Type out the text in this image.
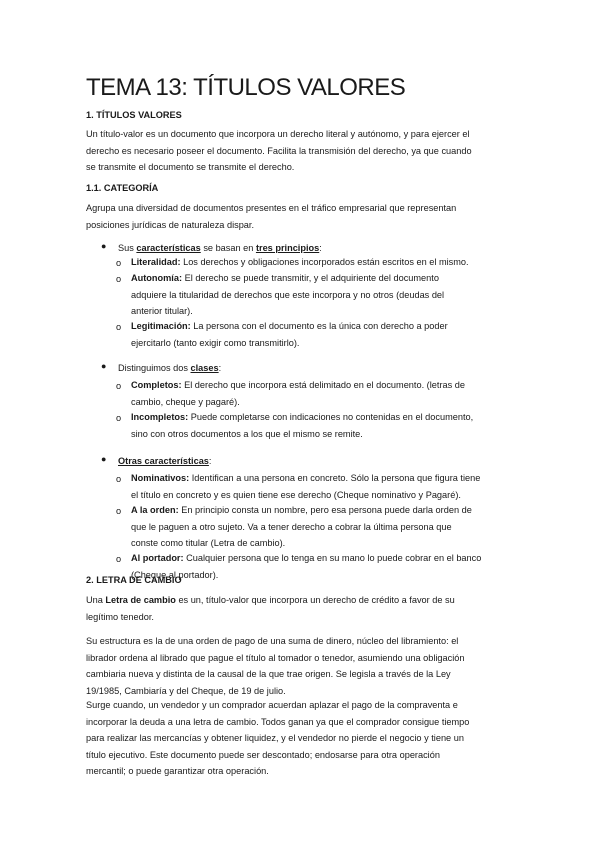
TEMA 13: TÍTULOS VALORES
1. TÍTULOS VALORES
Un título-valor es un documento que incorpora un derecho literal y autónomo, y para ejercer el
derecho es necesario poseer el documento. Facilita la transmisión del derecho, ya que cuando
se transmite el documento se transmite el derecho.
1.1. CATEGORÍA
Agrupa una diversidad de documentos presentes en el tráfico empresarial que representan
posiciones jurídicas de naturaleza dispar.
● Sus características se basan en tres principios:
o Literalidad: Los derechos y obligaciones incorporados están escritos en el mismo.
o Autonomía: El derecho se puede transmitir, y el adquiriente del documento
adquiere la titularidad de derechos que este incorpora y no otros (deudas del
anterior titular).
o Legitimación: La persona con el documento es la única con derecho a poder
ejercitarlo (tanto exigir como transmitirlo).
● Distinguimos dos clases:
o Completos: El derecho que incorpora está delimitado en el documento. (letras de
cambio, cheque y pagaré).
o Incompletos: Puede completarse con indicaciones no contenidas en el documento,
sino con otros documentos a los que el mismo se remite.
● Otras características:
o Nominativos: Identifican a una persona en concreto. Sólo la persona que figura tiene
el título en concreto y es quien tiene ese derecho (Cheque nominativo y Pagaré).
o A la orden: En principio consta un nombre, pero esa persona puede darla orden de
que le paguen a otro sujeto. Va a tener derecho a cobrar la última persona que
conste como titular (Letra de cambio).
o Al portador: Cualquier persona que lo tenga en su mano lo puede cobrar en el banco
(Cheque al portador).
2. LETRA DE CAMBIO
Una Letra de cambio es un, título-valor que incorpora un derecho de crédito a favor de su
legítimo tenedor.
Su estructura es la de una orden de pago de una suma de dinero, núcleo del libramiento: el
librador ordena al librado que pague el título al tomador o tenedor, asumiendo una obligación
cambiaria nueva y distinta de la causal de la que trae origen. Se legisla a través de la Ley
19/1985, Cambiaría y del Cheque, de 19 de julio.
Surge cuando, un vendedor y un comprador acuerdan aplazar el pago de la compraventa e
incorporar la deuda a una letra de cambio. Todos ganan ya que el comprador consigue tiempo
para realizar las mercancías y obtener liquidez, y el vendedor no pierde el negocio y tiene un
título ejecutivo. Este documento puede ser descontado; endosarse para otra operación
mercantil; o puede garantizar otra operación.
